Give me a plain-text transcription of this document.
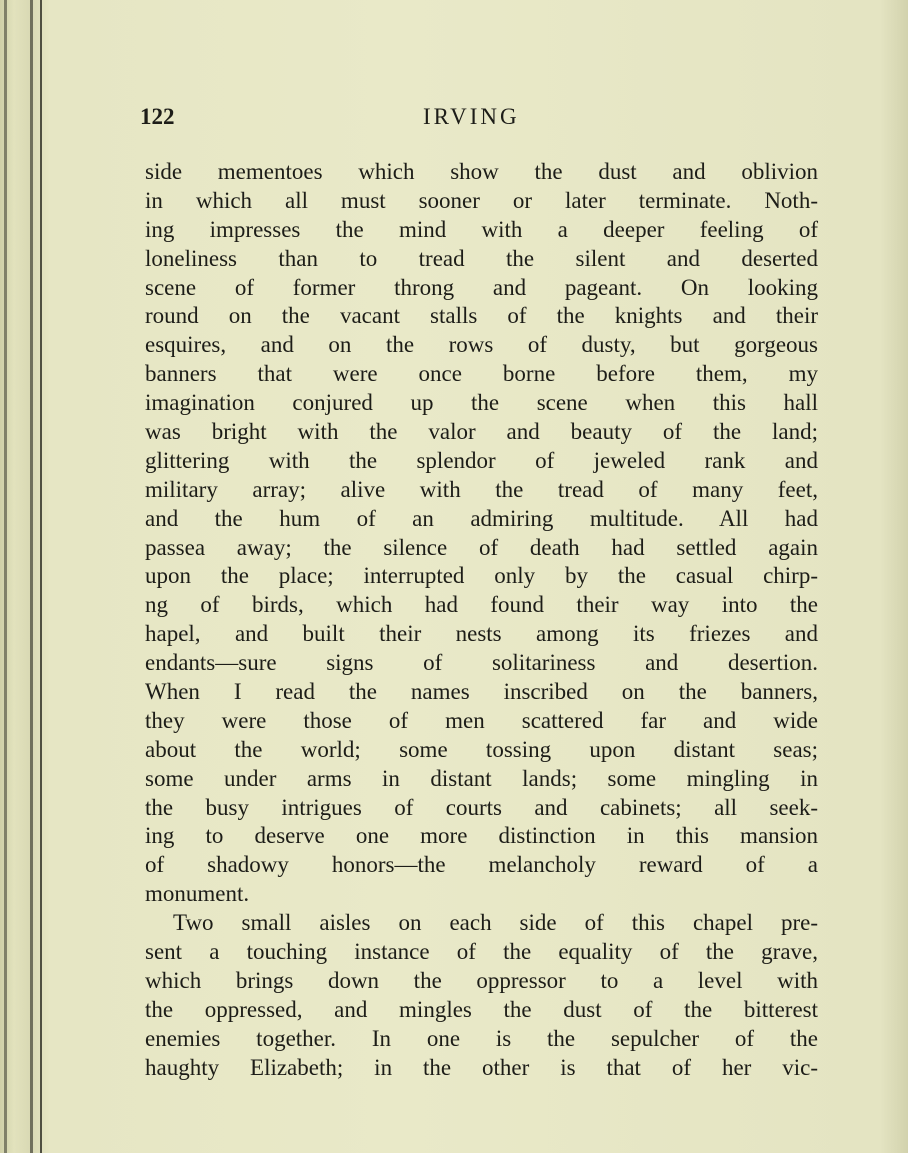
122	IRVING
side mementoes which show the dust and oblivion
in which all must sooner or later terminate. Noth-
ing impresses the mind with a deeper feeling of
loneliness than to tread the silent and deserted
scene of former throng and pageant. On looking
round on the vacant stalls of the knights and their
esquires, and on the rows of dusty, but gorgeous
banners that were once borne before them, my
imagination conjured up the scene when this hall
was bright with the valor and beauty of the land;
glittering with the splendor of jeweled rank and
military array; alive with the tread of many feet,
and the hum of an admiring multitude. All had
passea away; the silence of death had settled again
upon the place; interrupted only by the casual chirp-
ng of birds, which had found their way into the
hapel, and built their nests among its friezes and
endants—sure signs of solitariness and desertion.
When I read the names inscribed on the banners,
they were those of men scattered far and wide
about the world; some tossing upon distant seas;
some under arms in distant lands; some mingling in
the busy intrigues of courts and cabinets; all seek-
ing to deserve one more distinction in this mansion
of shadowy honors—the melancholy reward of a
monument.
Two small aisles on each side of this chapel pre-
sent a touching instance of the equality of the grave,
which brings down the oppressor to a level with
the oppressed, and mingles the dust of the bitterest
enemies together. In one is the sepulcher of the
haughty Elizabeth; in the other is that of her vic-
